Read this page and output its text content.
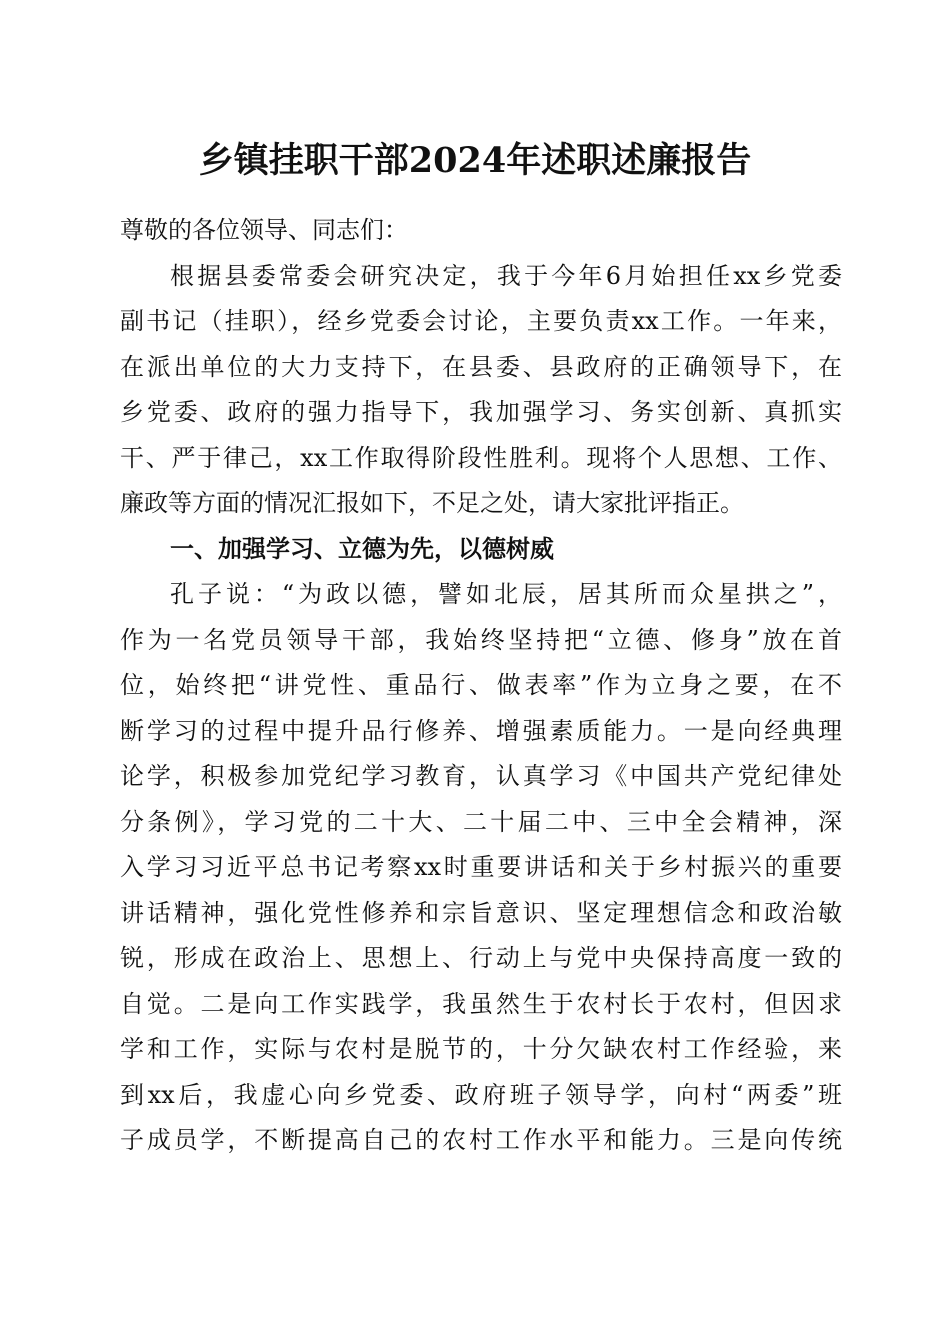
乡镇挂职干部2024年述职述廉报告
尊敬的各位领导、同志们：
根据县委常委会研究决定，我于今年6月始担任xx乡党委
副书记（挂职），经乡党委会讨论，主要负责xx工作。一年来，
在派出单位的大力支持下，在县委、县政府的正确领导下，在
乡党委、政府的强力指导下，我加强学习、务实创新、真抓实
干、严于律己，xx工作取得阶段性胜利。现将个人思想、工作、
廉政等方面的情况汇报如下，不足之处，请大家批评指正。
一、加强学习、立德为先，以德树威
孔子说：“为政以德，譬如北辰，居其所而众星拱之”，
作为一名党员领导干部，我始终坚持把“立德、修身”放在首
位，始终把“讲党性、重品行、做表率”作为立身之要，在不
断学习的过程中提升品行修养、增强素质能力。一是向经典理
论学，积极参加党纪学习教育，认真学习《中国共产党纪律处
分条例》，学习党的二十大、二十届二中、三中全会精神，深
入学习习近平总书记考察xx时重要讲话和关于乡村振兴的重要
讲话精神，强化党性修养和宗旨意识、坚定理想信念和政治敏
锐，形成在政治上、思想上、行动上与党中央保持高度一致的
自觉。二是向工作实践学，我虽然生于农村长于农村，但因求
学和工作，实际与农村是脱节的，十分欠缺农村工作经验，来
到xx后，我虚心向乡党委、政府班子领导学，向村“两委”班
子成员学，不断提高自己的农村工作水平和能力。三是向传统
